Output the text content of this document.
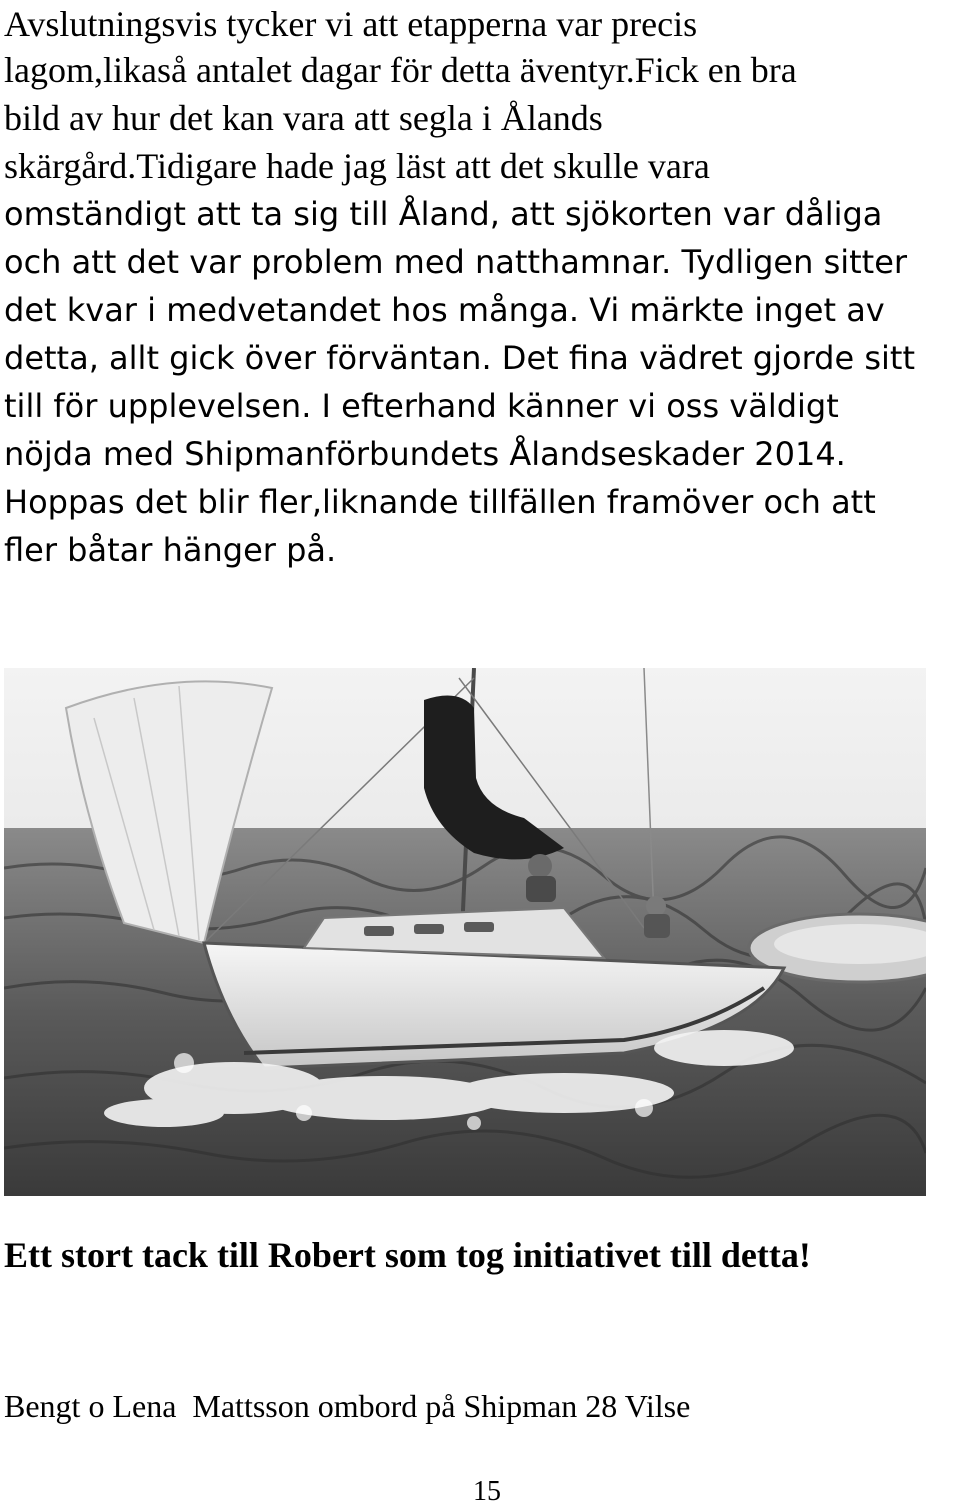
Avslutningsvis tycker vi att etapperna var precis

lagom,likaså antalet dagar för detta äventyr.Fick en bra

bild av hur det kan vara att segla i Ålands

skärgård.Tidigare hade jag läst att det skulle vara

omständigt att ta sig till Åland, att sjökorten var dåliga

och att det var problem med natthamnar. Tydligen sitter

det kvar i medvetandet hos många. Vi märkte inget av

detta, allt gick över förväntan. Det fina vädret gjorde sitt

till för upplevelsen. I efterhand känner vi oss väldigt

nöjda med Shipmanförbundets Ålandseskader 2014.

Hoppas det blir fler,liknande tillfällen framöver och att

fler båtar hänger på.

Ett stort tack till Robert som tog initiativet till detta!

Bengt o Lena  Mattsson ombord på Shipman 28 Vilse

15
